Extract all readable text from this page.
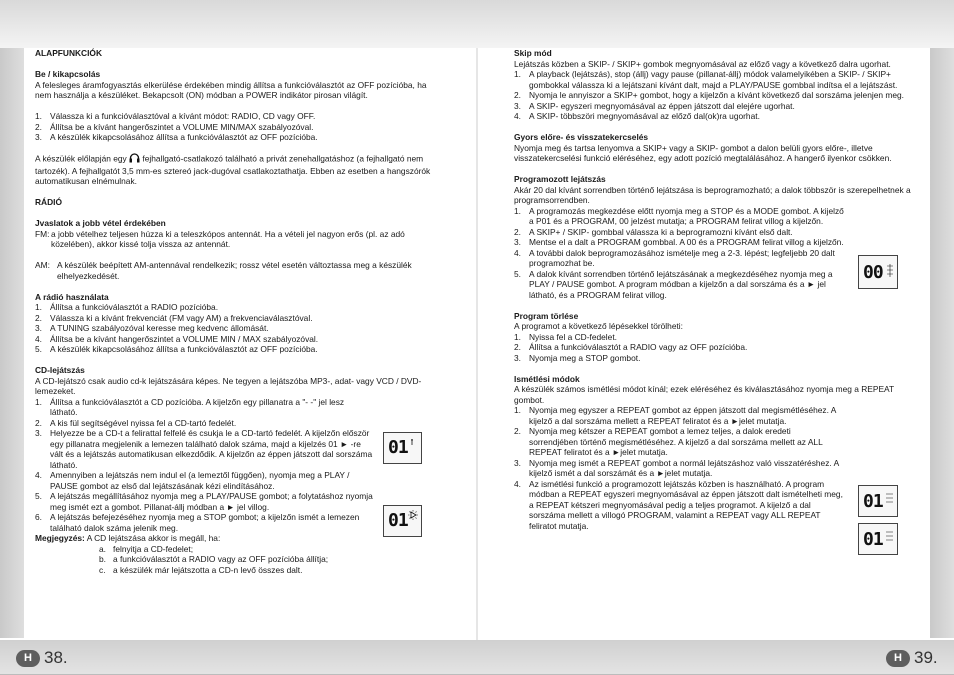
H 38.	H 39.

ALAPFUNKCIÓK

Be / kikapcsolás

A felesleges áramfogyasztás elkerülése érdekében mindig állítsa a funkcióválasztót az OFF pozícióba, ha nem használja a készüléket. Bekapcsolt (ON) módban a POWER indikátor pirosan világít.

1. Válassza ki a funkcióválasztóval a kívánt módot: RADIO, CD vagy OFF.
2. Állítsa be a kívánt hangerőszintet a VOLUME MIN/MAX szabályozóval.
3. A készülék kikapcsolásához állítsa a funkcióválasztót az OFF pozícióba.

A készülék előlapján egy fejhallgató-csatlakozó található a privát zenehallgatáshoz (a fejhallgató nem tartozék). A fejhallgatót 3,5 mm-es sztereó jack-dugóval csatlakoztathatja. Ebben az esetben a hangszórók automatikusan elnémulnak.

RÁDIÓ

Jvaslatok a jobb vétel érdekében

FM: a jobb vételhez teljesen húzza ki a teleszkópos antennát. Ha a vételi jel nagyon erős (pl. az adó közelében), akkor kissé tolja vissza az antennát.
AM: A készülék beépített AM-antennával rendelkezik; rossz vétel esetén változtassa meg a készülék elhelyezkedését.

A rádió használata

1. Állítsa a funkcióválasztót a RADIO pozícióba.
2. Válassza ki a kívánt frekvenciát (FM vagy AM) a frekvenciaválasztóval.
3. A TUNING szabályozóval keresse meg kedvenc állomását.
4. Állítsa be a kívánt hangerőszintet a VOLUME MIN / MAX szabályozóval.
5. A készülék kikapcsolásához állítsa a funkcióválasztót az OFF pozícióba.

CD-lejátszás

A CD-lejátszó csak audio cd-k lejátszására képes. Ne tegyen a lejátszóba MP3-, adat- vagy VCD / DVD-lemezeket.

1. Állítsa a funkcióválasztót a CD pozícióba. A kijelzőn egy pillanatra a "- -" jel lesz látható.
2. A kis fül segítségével nyissa fel a CD-tartó fedelét.
3. Helyezze be a CD-t a felirattal felfelé és csukja le a CD-tartó fedelét. A kijelzőn először egy pillanatra megjelenik a lemezen található dalok száma, majd a kijelzés 01 ► -re vált és a lejátszás automatikusan elkezdődik. A kijelzőn az éppen játszott dal sorszáma látható.
4. Amennyiben a lejátszás nem indul el (a lemeztől függően), nyomja meg a PLAY / PAUSE gombot az első dal lejátszásának kézi elindításához.
5. A lejátszás megállításához nyomja meg a PLAY/PAUSE gombot; a folytatáshoz nyomja meg ismét ezt a gombot. Pillanat-állj módban a ► jel villog.
6. A lejátszás befejezéséhez nyomja meg a STOP gombot; a kijelzőn ismét a lemezen található dalok száma jelenik meg.

Megjegyzés: A CD lejátszása akkor is megáll, ha:

a. felnyitja a CD-fedelet;
b. a funkcióválasztót a RADIO vagy az OFF pozícióba állítja;
c. a készülék már lejátszotta a CD-n levő összes dalt.
01
01

Skip mód

Lejátszás közben a SKIP- / SKIP+ gombok megnyomásával az előző vagy a következő dalra ugorhat.

1. A playback (lejátszás), stop (állj) vagy pause (pillanat-állj) módok valamelyikében a SKIP- / SKIP+ gombokkal válassza ki a lejátszani kívánt dalt, majd a PLAY/PAUSE gombbal indítsa el a lejátszást.
2. Nyomja le annyiszor a SKIP+ gombot, hogy a kijelzőn a kívánt következő dal sorszáma jelenjen meg.
3. A SKIP- egyszeri megnyomásával az éppen játszott dal elejére ugorhat.
4. A SKIP- többszöri megnyomásával az előző dal(ok)ra ugorhat.

Gyors előre- és visszatekercselés

Nyomja meg és tartsa lenyomva a SKIP+ vagy a SKIP- gombot a dalon belüli gyors előre-, illetve visszatekercselési funkció eléréséhez, egy adott pozíció megtalálásához. A hangerő ilyenkor csökken.

Programozott lejátszás

Akár 20 dal kívánt sorrendben történő lejátszása is beprogramozható; a dalok többször is szerepelhetnek a programsorrendben.

1. A programozás megkezdése előtt nyomja meg a STOP és a MODE gombot. A kijelző a P01 és a PROGRAM, 00 jelzést mutatja; a PROGRAM felirat villog a kijelzőn.
2. A SKIP+ / SKIP- gombbal válassza ki a beprogramozni kívánt első dalt.
3. Mentse el a dalt a PROGRAM gombbal. A 00 és a PROGRAM felirat villog a kijelzőn.
4. A további dalok beprogramozásához ismételje meg a 2-3. lépést; legfeljebb 20 dalt programozhat be.
5. A dalok kívánt sorrendben történő lejátszásának a megkezdéséhez nyomja meg a PLAY / PAUSE gombot. A program módban a kijelzőn a dal sorszáma és a ► jel látható, és a PROGRAM felirat villog.

Program törlése

A programot a következő lépésekkel törölheti:

1. Nyissa fel a CD-fedelet.
2. Állítsa a funkcióválasztót a RADIO vagy az OFF pozícióba.
3. Nyomja meg a STOP gombot.

Ismétlési módok

A készülék számos ismétlési módot kínál; ezek eléréséhez és kiválasztásához nyomja meg a REPEAT gombot.

1. Nyomja meg egyszer a REPEAT gombot az éppen játszott dal megismétléséhez. A kijelző a dal sorszáma mellett a REPEAT feliratot és a ►jelet mutatja.
2. Nyomja meg kétszer a REPEAT gombot a lemez teljes, a dalok eredeti sorrendjében történő megismétléséhez. A kijelző a dal sorszáma mellett az ALL REPEAT feliratot és a ►jelet mutatja.
3. Nyomja meg ismét a REPEAT gombot a normál lejátszáshoz való visszatéréshez. A kijelző ismét a dal sorszámát és a ►jelet mutatja.
4. Az ismétlési funkció a programozott lejátszás közben is használható. A program módban a REPEAT egyszeri megnyomásával az éppen játszott dalt ismételheti meg, a REPEAT kétszeri megnyomásával pedig a teljes programot. A kijelző a dal sorszáma mellett a villogó PROGRAM, valamint a REPEAT vagy ALL REPEAT feliratot mutatja.
00
01
01
